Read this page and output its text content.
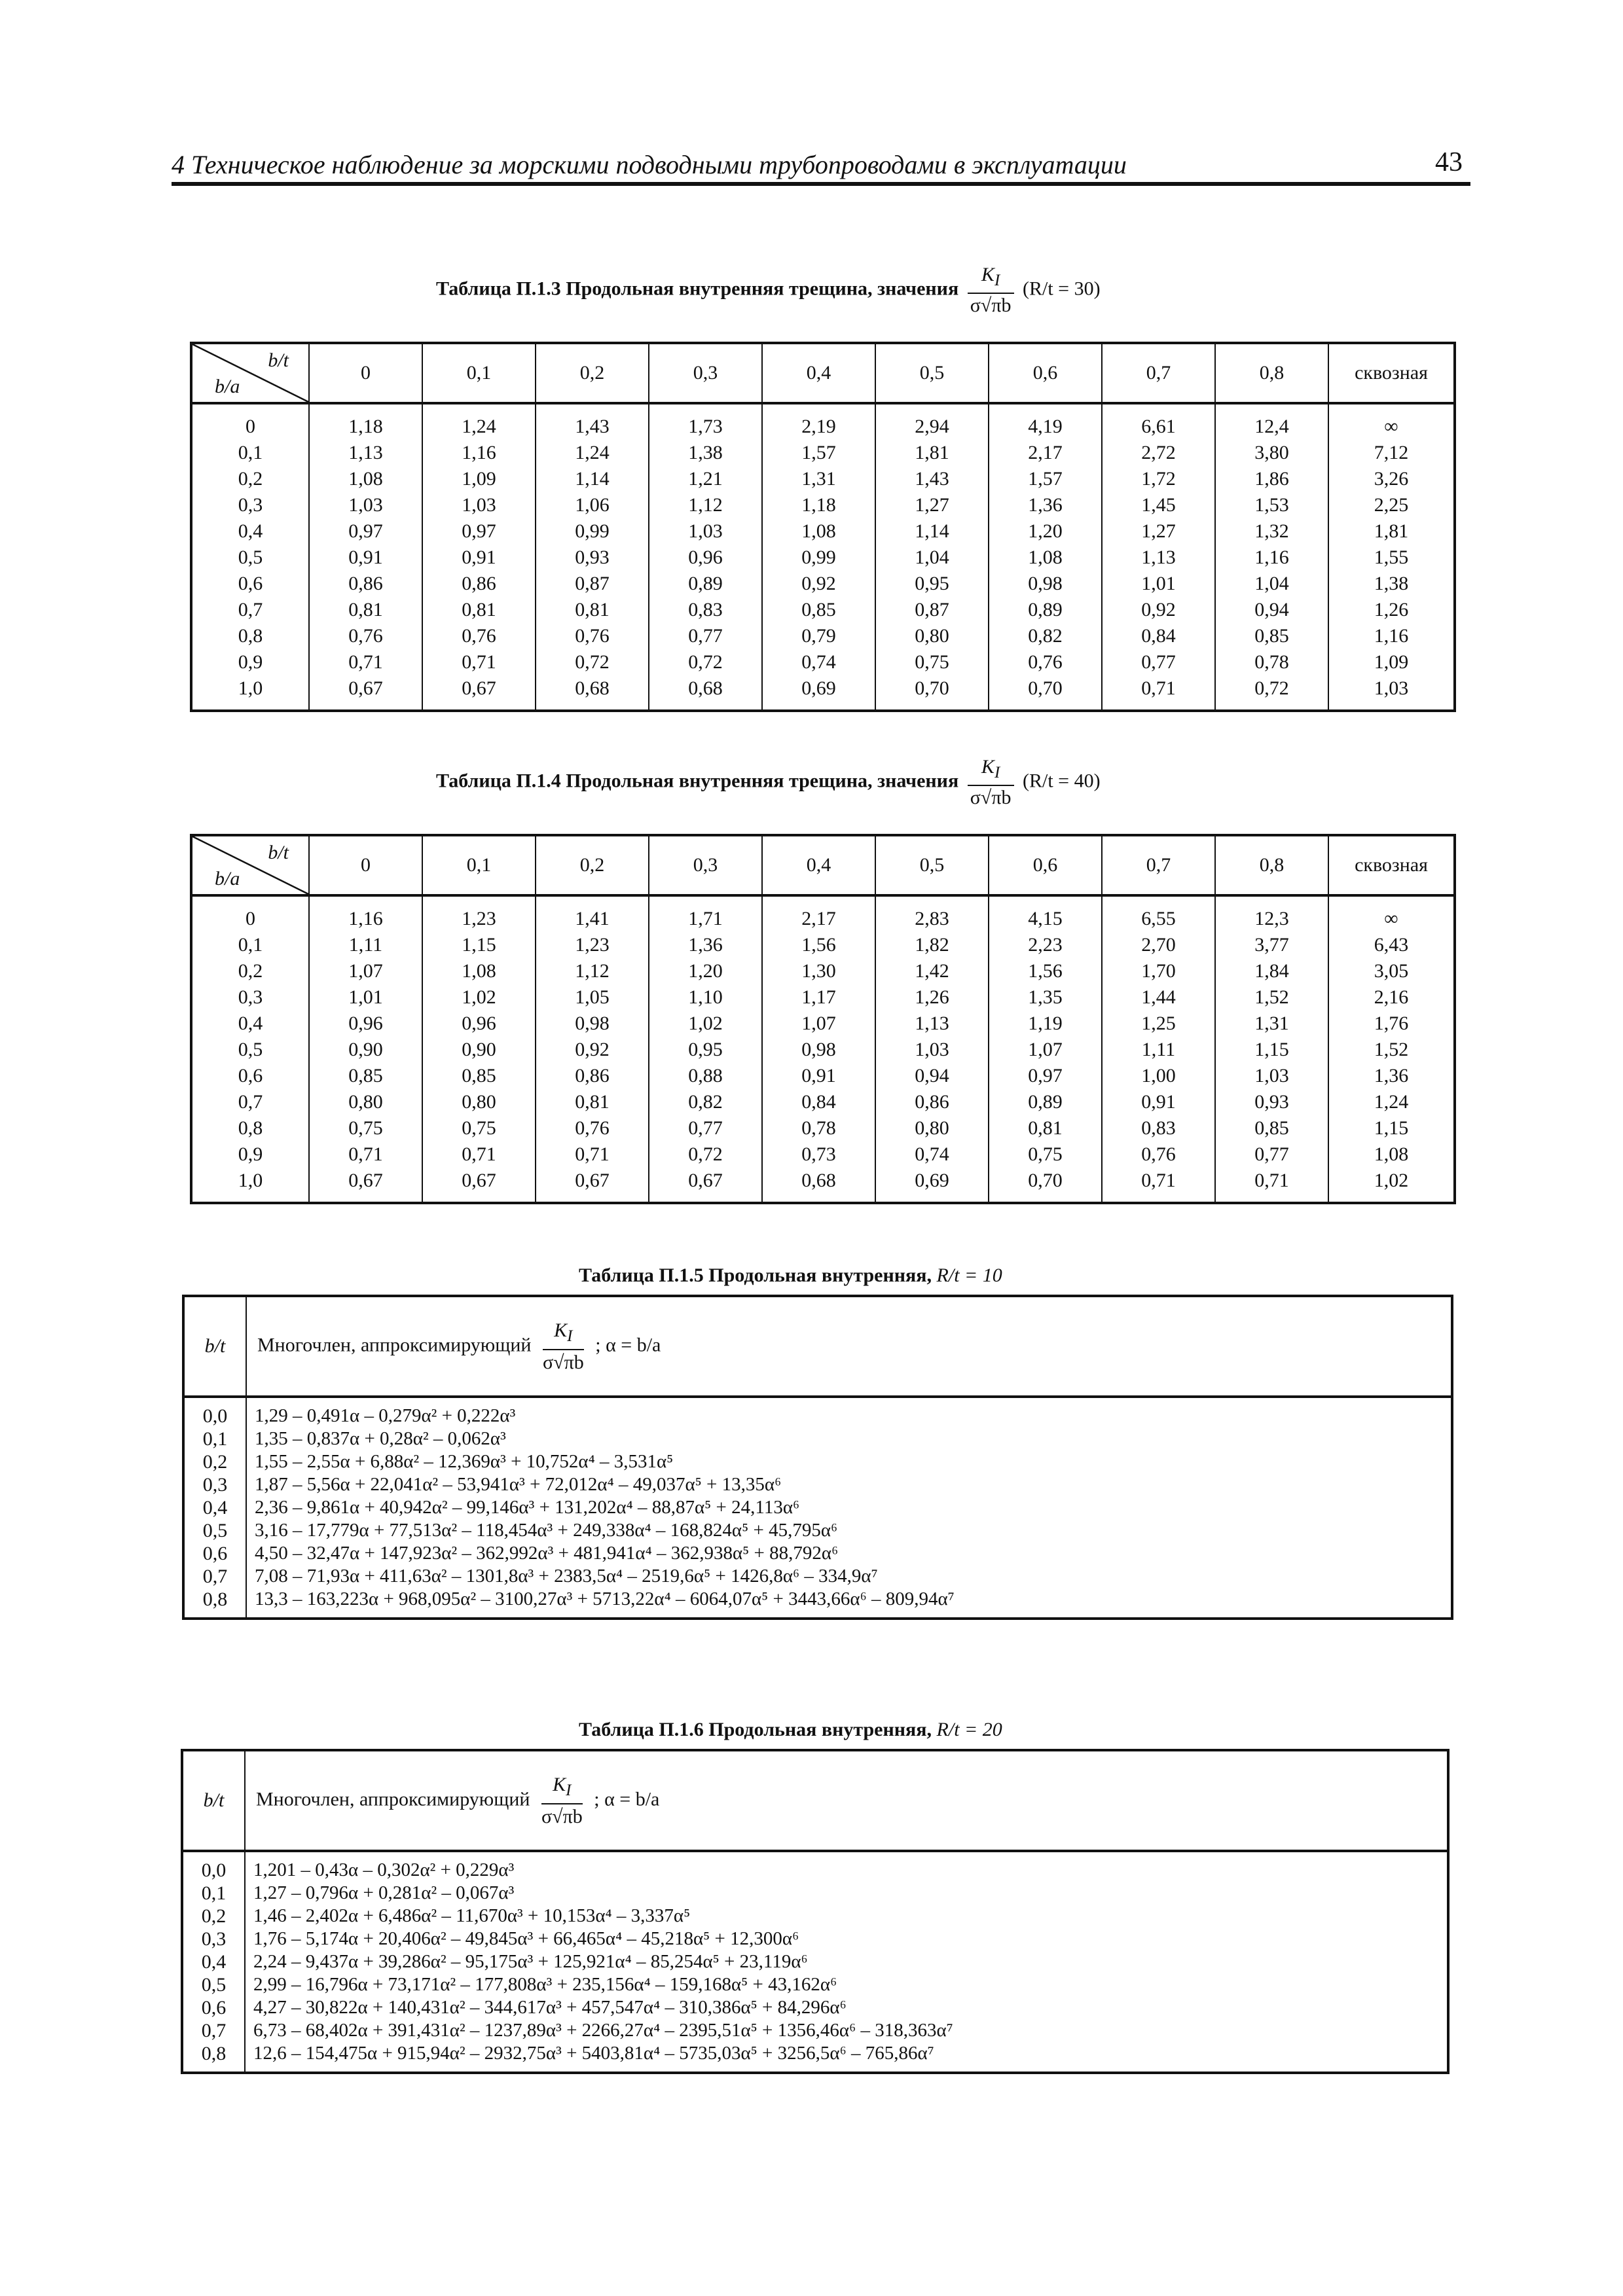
4 Техническое наблюдение за морскими подводными трубопроводами в эксплуатации	43
Таблица П.1.3 Продольная внутренняя трещина, значения $\frac{K_I}{\sigma√\pi b} (R/t = 30)$
b/t
b/a	0	0,1	0,2	0,3	0,4	0,5	0,6	0,7	0,8	сквозная
0	1,18	1,24	1,43	1,73	2,19	2,94	4,19	6,61	12,4	∞
0,1	1,13	1,16	1,24	1,38	1,57	1,81	2,17	2,72	3,80	7,12
0,2	1,08	1,09	1,14	1,21	1,31	1,43	1,57	1,72	1,86	3,26
0,3	1,03	1,03	1,06	1,12	1,18	1,27	1,36	1,45	1,53	2,25
0,4	0,97	0,97	0,99	1,03	1,08	1,14	1,20	1,27	1,32	1,81
0,5	0,91	0,91	0,93	0,96	0,99	1,04	1,08	1,13	1,16	1,55
0,6	0,86	0,86	0,87	0,89	0,92	0,95	0,98	1,01	1,04	1,38
0,7	0,81	0,81	0,81	0,83	0,85	0,87	0,89	0,92	0,94	1,26
0,8	0,76	0,76	0,76	0,77	0,79	0,80	0,82	0,84	0,85	1,16
0,9	0,71	0,71	0,72	0,72	0,74	0,75	0,76	0,77	0,78	1,09
1,0	0,67	0,67	0,68	0,68	0,69	0,70	0,70	0,71	0,72	1,03
Таблица П.1.4 Продольная внутренняя трещина, значения $\frac{K_I}{\sigma√\pi b} (R/t = 40)$
b/t
b/a	0	0,1	0,2	0,3	0,4	0,5	0,6	0,7	0,8	сквозная
0	1,16	1,23	1,41	1,71	2,17	2,83	4,15	6,55	12,3	∞
0,1	1,11	1,15	1,23	1,36	1,56	1,82	2,23	2,70	3,77	6,43
0,2	1,07	1,08	1,12	1,20	1,30	1,42	1,56	1,70	1,84	3,05
0,3	1,01	1,02	1,05	1,10	1,17	1,26	1,35	1,44	1,52	2,16
0,4	0,96	0,96	0,98	1,02	1,07	1,13	1,19	1,25	1,31	1,76
0,5	0,90	0,90	0,92	0,95	0,98	1,03	1,07	1,11	1,15	1,52
0,6	0,85	0,85	0,86	0,88	0,91	0,94	0,97	1,00	1,03	1,36
0,7	0,80	0,80	0,81	0,82	0,84	0,86	0,89	0,91	0,93	1,24
0,8	0,75	0,75	0,76	0,77	0,78	0,80	0,81	0,83	0,85	1,15
0,9	0,71	0,71	0,71	0,72	0,73	0,74	0,75	0,76	0,77	1,08
1,0	0,67	0,67	0,67	0,67	0,68	0,69	0,70	0,71	0,71	1,02
Таблица П.1.5 Продольная внутренняя, R/t = 10
b/t	Многочлен, аппроксимирующий $\frac{K_I}{\sigma√\pi b}$ ; α = b/a
0,0	1,29 – 0,491α – 0,279α² + 0,222α³
0,1	1,35 – 0,837α + 0,28α² – 0,062α³
0,2	1,55 – 2,55α + 6,88α² – 12,369α³ + 10,752α⁴ – 3,531α⁵
0,3	1,87 – 5,56α + 22,041α² – 53,941α³ + 72,012α⁴ – 49,037α⁵ + 13,35α⁶
0,4	2,36 – 9,861α + 40,942α² – 99,146α³ + 131,202α⁴ – 88,87α⁵ + 24,113α⁶
0,5	3,16 – 17,779α + 77,513α² – 118,454α³ + 249,338α⁴ – 168,824α⁵ + 45,795α⁶
0,6	4,50 – 32,47α + 147,923α² – 362,992α³ + 481,941α⁴ – 362,938α⁵ + 88,792α⁶
0,7	7,08 – 71,93α + 411,63α² – 1301,8α³ + 2383,5α⁴ – 2519,6α⁵ + 1426,8α⁶ – 334,9α⁷
0,8	13,3 – 163,223α + 968,095α² – 3100,27α³ + 5713,22α⁴ – 6064,07α⁵ + 3443,66α⁶ – 809,94α⁷
Таблица П.1.6 Продольная внутренняя, R/t = 20
b/t	Многочлен, аппроксимирующий $\frac{K_I}{\sigma√\pi b}$ ; α = b/a
0,0	1,201 – 0,43α – 0,302α² + 0,229α³
0,1	1,27 – 0,796α + 0,281α² – 0,067α³
0,2	1,46 – 2,402α + 6,486α² – 11,670α³ + 10,153α⁴ – 3,337α⁵
0,3	1,76 – 5,174α + 20,406α² – 49,845α³ + 66,465α⁴ – 45,218α⁵ + 12,300α⁶
0,4	2,24 – 9,437α + 39,286α² – 95,175α³ + 125,921α⁴ – 85,254α⁵ + 23,119α⁶
0,5	2,99 – 16,796α + 73,171α² – 177,808α³ + 235,156α⁴ – 159,168α⁵ + 43,162α⁶
0,6	4,27 – 30,822α + 140,431α² – 344,617α³ + 457,547α⁴ – 310,386α⁵ + 84,296α⁶
0,7	6,73 – 68,402α + 391,431α² – 1237,89α³ + 2266,27α⁴ – 2395,51α⁵ + 1356,46α⁶ – 318,363α⁷
0,8	12,6 – 154,475α + 915,94α² – 2932,75α³ + 5403,81α⁴ – 5735,03α⁵ + 3256,5α⁶ – 765,86α⁷
